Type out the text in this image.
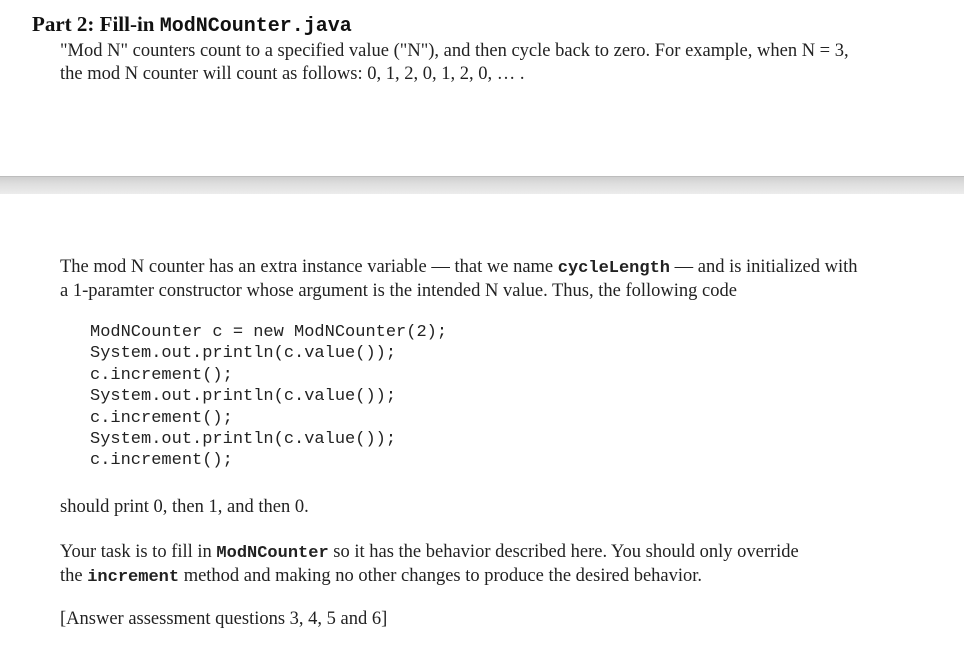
Part 2: Fill-in ModNCounter.java
"Mod N" counters count to a specified value ("N"), and then cycle back to zero. For example, when N = 3,
the mod N counter will count as follows: 0, 1, 2, 0, 1, 2, 0, … .
The mod N counter has an extra instance variable — that we name cycleLength — and is initialized with
a 1-paramter constructor whose argument is the intended N value. Thus, the following code
ModNCounter c = new ModNCounter(2);
System.out.println(c.value());
c.increment();
System.out.println(c.value());
c.increment();
System.out.println(c.value());
c.increment();
should print 0, then 1, and then 0.
Your task is to fill in ModNCounter so it has the behavior described here. You should only override
the increment method and making no other changes to produce the desired behavior.
[Answer assessment questions 3, 4, 5 and 6]
